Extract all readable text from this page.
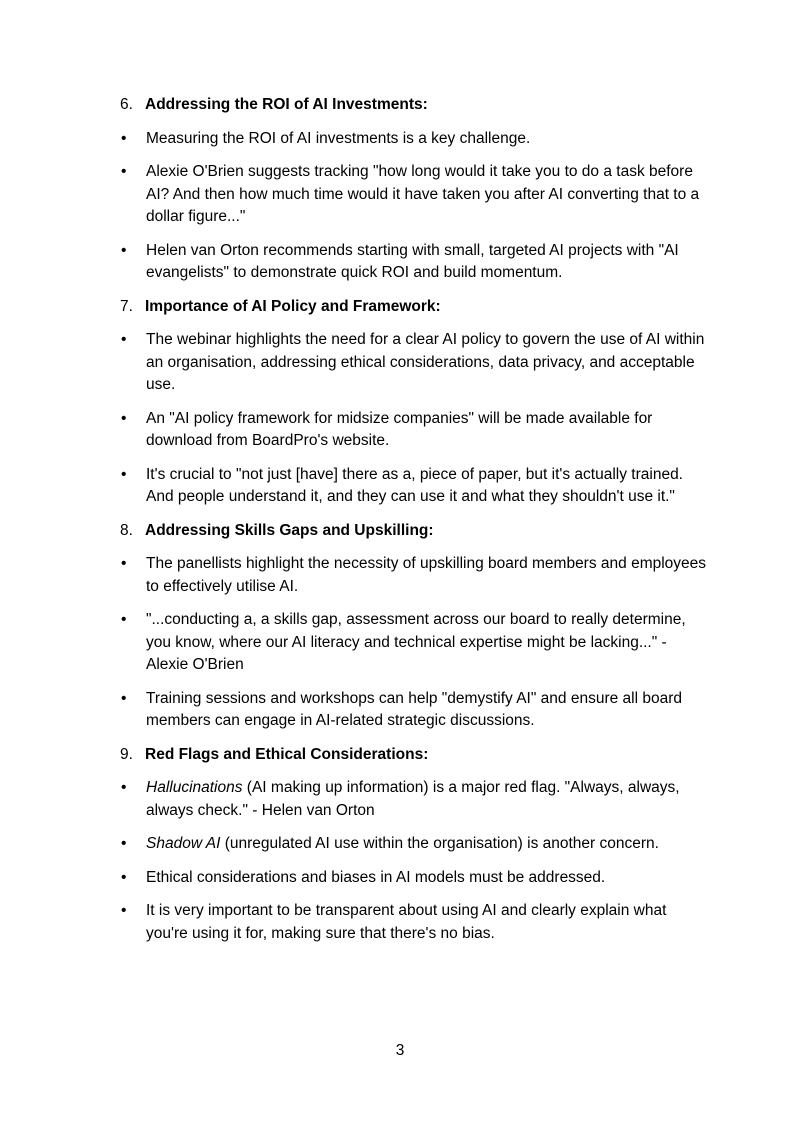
6. Addressing the ROI of AI Investments:
•	Measuring the ROI of AI investments is a key challenge.
•	Alexie O'Brien suggests tracking "how long would it take you to do a task before AI? And then how much time would it have taken you after AI converting that to a dollar figure..."
•	Helen van Orton recommends starting with small, targeted AI projects with "AI evangelists" to demonstrate quick ROI and build momentum.
7. Importance of AI Policy and Framework:
•	The webinar highlights the need for a clear AI policy to govern the use of AI within an organisation, addressing ethical considerations, data privacy, and acceptable use.
•	An "AI policy framework for midsize companies" will be made available for download from BoardPro's website.
•	It's crucial to "not just [have] there as a, piece of paper, but it's actually trained. And people understand it, and they can use it and what they shouldn't use it."
8. Addressing Skills Gaps and Upskilling:
•	The panellists highlight the necessity of upskilling board members and employees to effectively utilise AI.
•	"...conducting a, a skills gap, assessment across our board to really determine, you know, where our AI literacy and technical expertise might be lacking..." - Alexie O'Brien
•	Training sessions and workshops can help "demystify AI" and ensure all board members can engage in AI-related strategic discussions.
9. Red Flags and Ethical Considerations:
•	Hallucinations (AI making up information) is a major red flag. "Always, always, always check." - Helen van Orton
•	Shadow AI (unregulated AI use within the organisation) is another concern.
•	Ethical considerations and biases in AI models must be addressed.
•	It is very important to be transparent about using AI and clearly explain what you're using it for, making sure that there's no bias.
3
